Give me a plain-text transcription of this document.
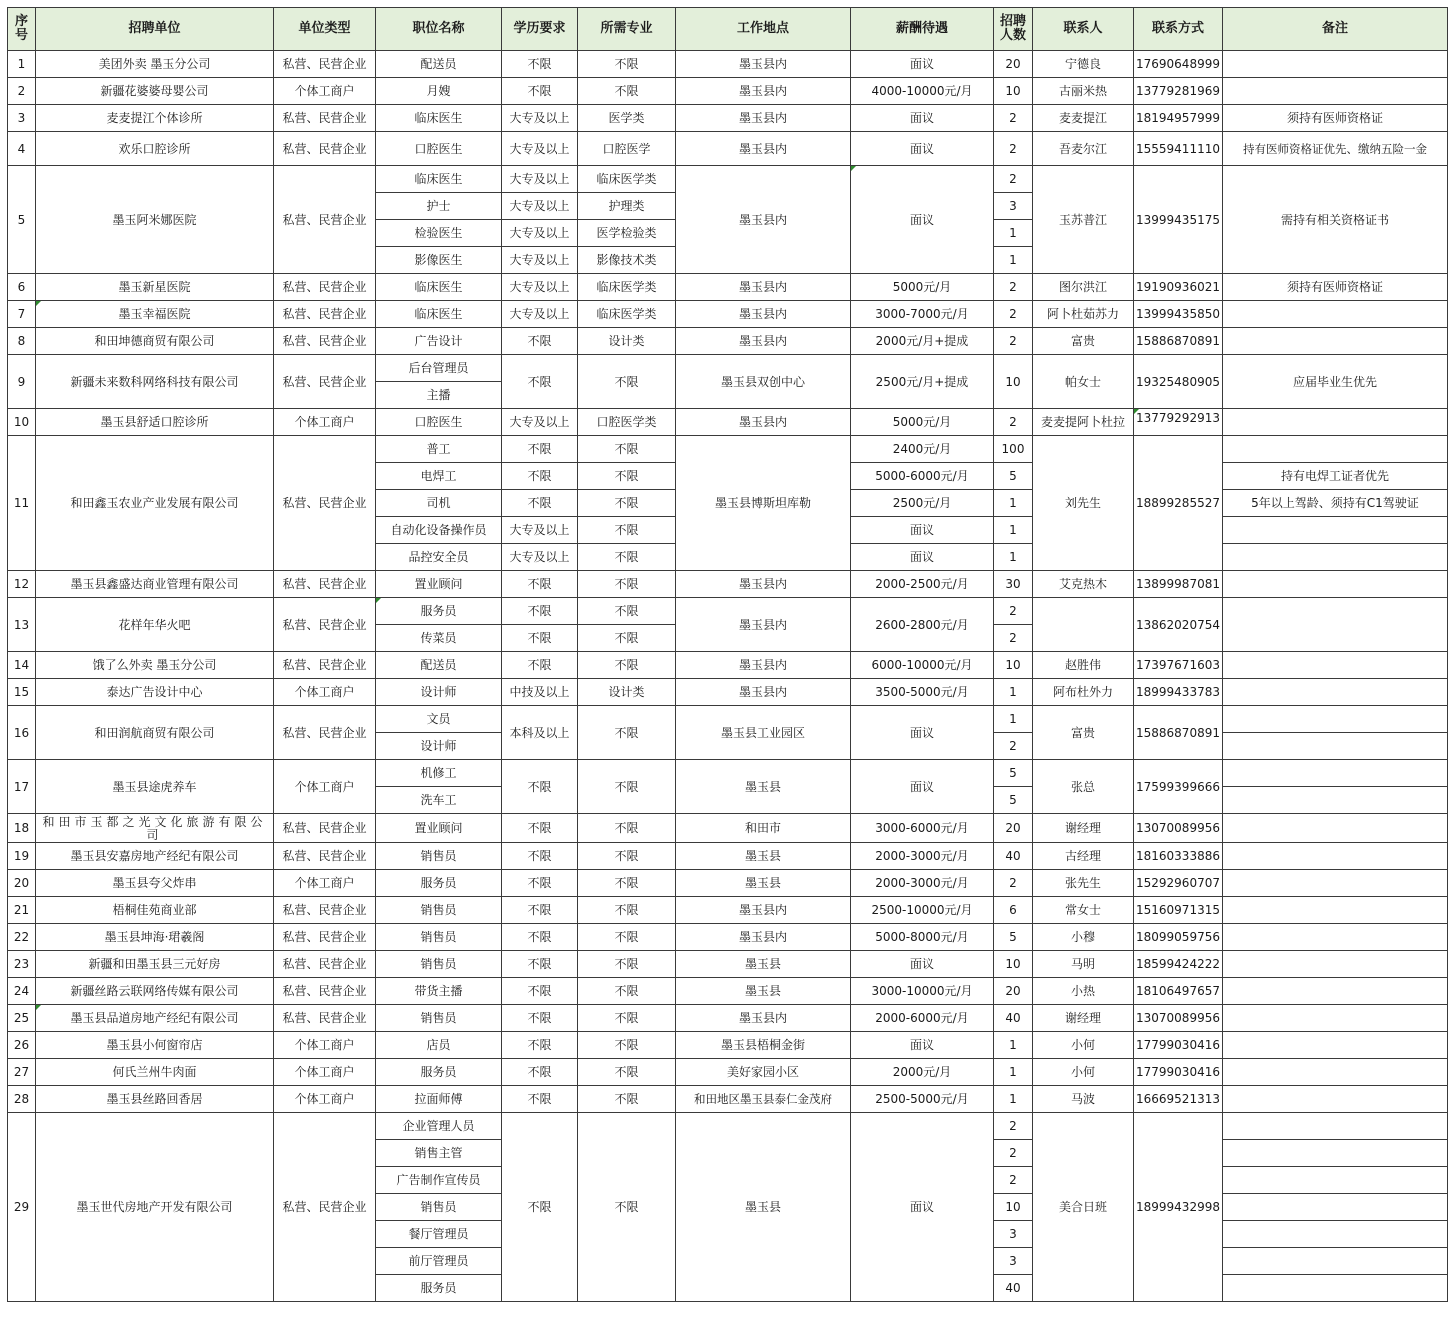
序号	招聘单位	单位类型	职位名称	学历要求	所需专业	工作地点	薪酬待遇	招聘人数	联系人	联系方式	备注
1	美团外卖 墨玉分公司	私营、民营企业	配送员	不限	不限	墨玉县内	面议	20	宁德良	17690648999	
2	新疆花婆婆母婴公司	个体工商户	月嫂	不限	不限	墨玉县内	4000-10000元/月	10	古丽米热	13779281969	
3	麦麦提江个体诊所	私营、民营企业	临床医生	大专及以上	医学类	墨玉县内	面议	2	麦麦提江	18194957999	须持有医师资格证
4	欢乐口腔诊所	私营、民营企业	口腔医生	大专及以上	口腔医学	墨玉县内	面议	2	吾麦尔江	15559411110	持有医师资格证优先、缴纳五险一金
5	墨玉阿米娜医院	私营、民营企业	临床医生	大专及以上	临床医学类	墨玉县内	面议	2	玉苏普江	13999435175	需持有相关资格证书
			护士	大专及以上	护理类			3			
			检验医生	大专及以上	医学检验类			1			
			影像医生	大专及以上	影像技术类			1			
6	墨玉新星医院	私营、民营企业	临床医生	大专及以上	临床医学类	墨玉县内	5000元/月	2	图尔洪江	19190936021	须持有医师资格证
7	墨玉幸福医院	私营、民营企业	临床医生	大专及以上	临床医学类	墨玉县内	3000-7000元/月	2	阿卜杜茹苏力	13999435850	
8	和田坤德商贸有限公司	私营、民营企业	广告设计	不限	设计类	墨玉县内	2000元/月+提成	2	富贵	15886870891	
9	新疆未来数科网络科技有限公司	私营、民营企业	后台管理员	不限	不限	墨玉县双创中心	2500元/月+提成	10	帕女士	19325480905	应届毕业生优先
			主播								
10	墨玉县舒适口腔诊所	个体工商户	口腔医生	大专及以上	口腔医学类	墨玉县内	5000元/月	2	麦麦提阿卜杜拉	13779292913	
11	和田鑫玉农业产业发展有限公司	私营、民营企业	普工	不限	不限	墨玉县博斯坦库勒	2400元/月	100	刘先生	18899285527	
			电焊工	不限	不限		5000-6000元/月	5			持有电焊工证者优先
			司机	不限	不限		2500元/月	1			5年以上驾龄、须持有C1驾驶证
			自动化设备操作员	大专及以上	不限		面议	1			
			品控安全员	大专及以上	不限		面议	1			
12	墨玉县鑫盛达商业管理有限公司	私营、民营企业	置业顾问	不限	不限	墨玉县内	2000-2500元/月	30	艾克热木	13899987081	
13	花样年华火吧	私营、民营企业	服务员	不限	不限	墨玉县内	2600-2800元/月	2		13862020754	
			传菜员	不限	不限			2			
14	饿了么外卖 墨玉分公司	私营、民营企业	配送员	不限	不限	墨玉县内	6000-10000元/月	10	赵胜伟	17397671603	
15	泰达广告设计中心	个体工商户	设计师	中技及以上	设计类	墨玉县内	3500-5000元/月	1	阿布杜外力	18999433783	
16	和田润航商贸有限公司	私营、民营企业	文员	本科及以上	不限	墨玉县工业园区	面议	1	富贵	15886870891	
			设计师					2			
17	墨玉县途虎养车	个体工商户	机修工	不限	不限	墨玉县	面议	5	张总	17599399666	
			洗车工					5			
18	和田市玉都之光文化旅游有限公司	私营、民营企业	置业顾问	不限	不限	和田市	3000-6000元/月	20	谢经理	13070089956	
19	墨玉县安嘉房地产经纪有限公司	私营、民营企业	销售员	不限	不限	墨玉县	2000-3000元/月	40	古经理	18160333886	
20	墨玉县夸父炸串	个体工商户	服务员	不限	不限	墨玉县	2000-3000元/月	2	张先生	15292960707	
21	梧桐佳苑商业部	私营、民营企业	销售员	不限	不限	墨玉县内	2500-10000元/月	6	常女士	15160971315	
22	墨玉县坤海·珺羲阁	私营、民营企业	销售员	不限	不限	墨玉县内	5000-8000元/月	5	小穆	18099059756	
23	新疆和田墨玉县三元好房	私营、民营企业	销售员	不限	不限	墨玉县	面议	10	马明	18599424222	
24	新疆丝路云联网络传媒有限公司	私营、民营企业	带货主播	不限	不限	墨玉县	3000-10000元/月	20	小热	18106497657	
25	墨玉县品道房地产经纪有限公司	私营、民营企业	销售员	不限	不限	墨玉县内	2000-6000元/月	40	谢经理	13070089956	
26	墨玉县小何窗帘店	个体工商户	店员	不限	不限	墨玉县梧桐金街	面议	1	小何	17799030416	
27	何氏兰州牛肉面	个体工商户	服务员	不限	不限	美好家园小区	2000元/月	1	小何	17799030416	
28	墨玉县丝路回香居	个体工商户	拉面师傅	不限	不限	和田地区墨玉县泰仁金茂府	2500-5000元/月	1	马波	16669521313	
29	墨玉世代房地产开发有限公司	私营、民营企业	企业管理人员	不限	不限	墨玉县	面议	2	美合日班	18999432998	
			销售主管					2			
			广告制作宣传员					2			
			销售员					10			
			餐厅管理员					3			
			前厅管理员					3			
			服务员					40			
